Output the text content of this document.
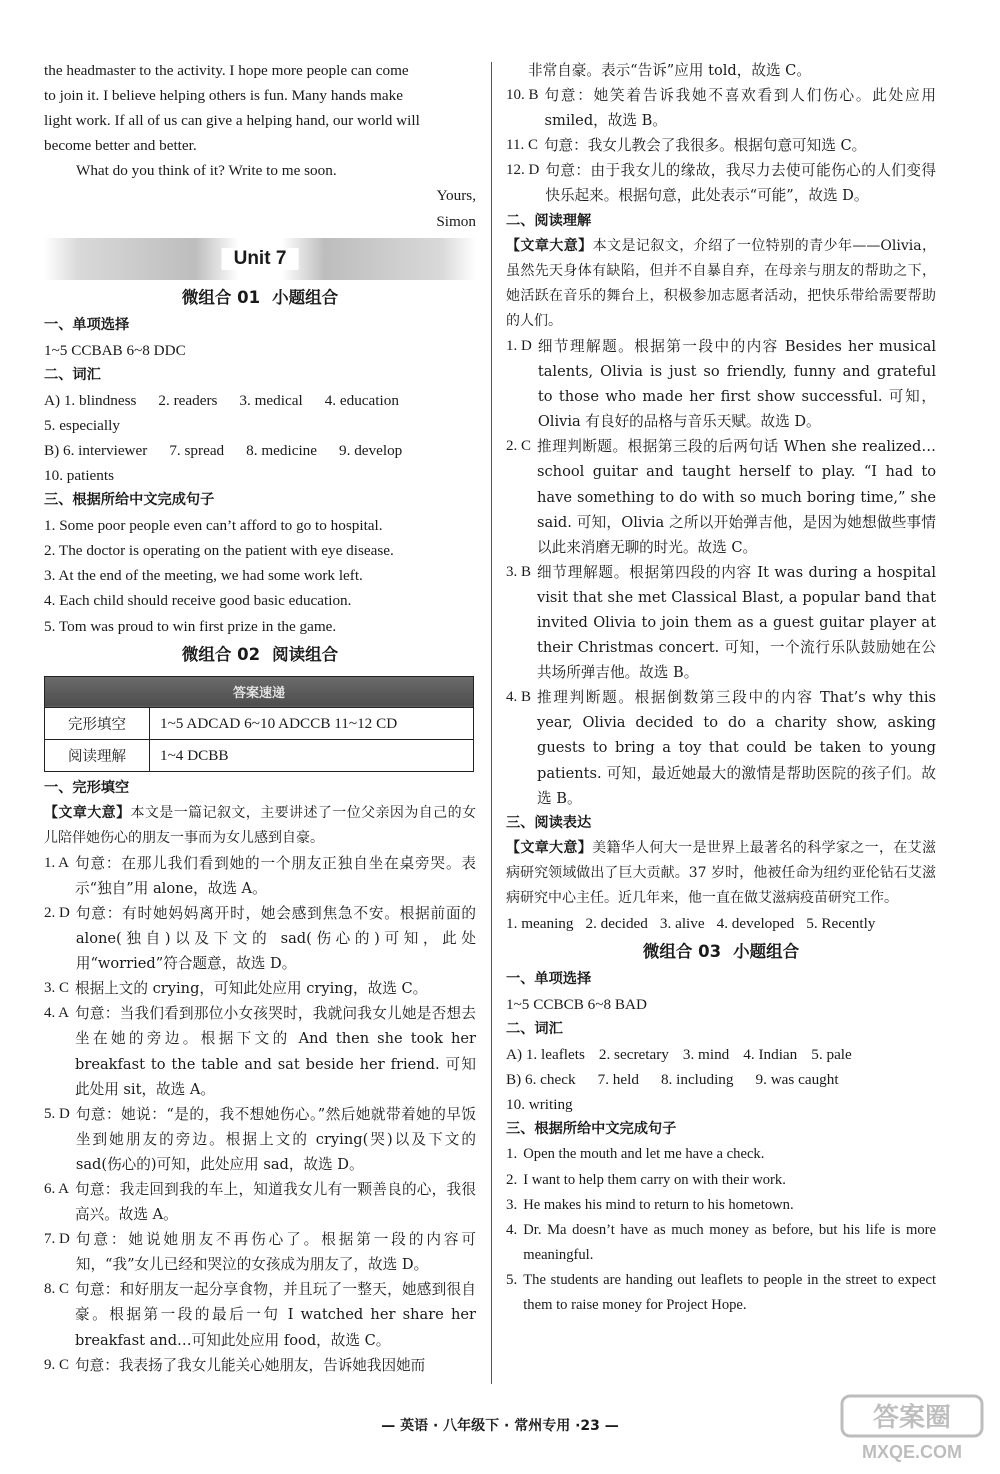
the headmaster to the activity. I hope more people can come

to join it. I believe helping others is fun. Many hands make

light work. If all of us can give a helping hand, our world will

become better and better.

What do you think of it? Write to me soon.

Yours,

Simon

Unit 7
微组合 01 小题组合

一、单项选择

1~5 CCBAB 6~8 DDC

二、词汇

A) 1. blindness 2. readers 3. medical 4. education

5. especially

B) 6. interviewer 7. spread 8. medicine 9. develop

10. patients

三、根据所给中文完成句子

1. Some poor people even can’t afford to go to hospital.

2. The doctor is operating on the patient with eye disease.

3. At the end of the meeting, we had some work left.

4. Each child should receive good basic education.

5. Tom was proud to win first prize in the game.

微组合 02 阅读组合
答案速递	
完形填空	1~5 ADCAD 6~10 ADCCB 11~12 CD
阅读理解	1~4 DCBB

一、完形填空

【文章大意】本文是一篇记叙文，主要讲述了一位父亲因为自己的女儿陪伴她伤心的朋友一事而为女儿感到自豪。

1. A 句意：在那儿我们看到她的一个朋友正独自坐在桌旁哭。表示“独自”用 alone，故选 A。
2. D 句意：有时她妈妈离开时，她会感到焦急不安。根据前面的 alone(独自)以及下文的 sad(伤心的)可知，此处用“worried”符合题意，故选 D。
3. C 根据上文的 crying，可知此处应用 crying，故选 C。
4. A 句意：当我们看到那位小女孩哭时，我就问我女儿她是否想去坐在她的旁边。根据下文的 And then she took her breakfast to the table and sat beside her friend. 可知此处用 sit，故选 A。
5. D 句意：她说：“是的，我不想她伤心。”然后她就带着她的早饭坐到她朋友的旁边。根据上文的 crying(哭)以及下文的 sad(伤心的)可知，此处应用 sad，故选 D。
6. A 句意：我走回到我的车上，知道我女儿有一颗善良的心，我很高兴。故选 A。
7. D 句意：她说她朋友不再伤心了。根据第一段的内容可知，“我”女儿已经和哭泣的女孩成为朋友了，故选 D。
8. C 句意：和好朋友一起分享食物，并且玩了一整天，她感到很自豪。根据第一段的最后一句 I watched her share her breakfast and…可知此处应用 food，故选 C。
9. C 句意：我表扬了我女儿能关心她朋友，告诉她我因她而

非常自豪。表示“告诉”应用 told，故选 C。

10. B 句意：她笑着告诉我她不喜欢看到人们伤心。此处应用 smiled，故选 B。
11. C 句意：我女儿教会了我很多。根据句意可知选 C。
12. D 句意：由于我女儿的缘故，我尽力去使可能伤心的人们变得快乐起来。根据句意，此处表示“可能”，故选 D。

二、阅读理解

【文章大意】本文是记叙文，介绍了一位特别的青少年——Olivia，虽然先天身体有缺陷，但并不自暴自弃，在母亲与朋友的帮助之下，她活跃在音乐的舞台上，积极参加志愿者活动，把快乐带给需要帮助的人们。

1. D 细节理解题。根据第一段中的内容 Besides her musical talents, Olivia is just so friendly, funny and grateful to those who made her first show successful. 可知，Olivia 有良好的品格与音乐天赋。故选 D。
2. C 推理判断题。根据第三段的后两句话 When she realized…school guitar and taught herself to play. “I had to have something to do with so much boring time,” she said. 可知，Olivia 之所以开始弹吉他，是因为她想做些事情以此来消磨无聊的时光。故选 C。
3. B 细节理解题。根据第四段的内容 It was during a hospital visit that she met Classical Blast, a popular band that invited Olivia to join them as a guest guitar player at their Christmas concert. 可知，一个流行乐队鼓励她在公共场所弹吉他。故选 B。
4. B 推理判断题。根据倒数第三段中的内容 That’s why this year, Olivia decided to do a charity show, asking guests to bring a toy that could be taken to young patients. 可知，最近她最大的激情是帮助医院的孩子们。故选 B。

三、阅读表达

【文章大意】美籍华人何大一是世界上最著名的科学家之一，在艾滋病研究领域做出了巨大贡献。37 岁时，他被任命为纽约亚伦钻石艾滋病研究中心主任。近几年来，他一直在做艾滋病疫苗研究工作。

1. meaning 2. decided 3. alive 4. developed 5. Recently
微组合 03 小题组合

一、单项选择

1~5 CCBCB 6~8 BAD

二、词汇

A) 1. leaflets 2. secretary 3. mind 4. Indian 5. pale
B) 6. check 7. held 8. including 9. was caught

10. writing

三、根据所给中文完成句子

1. Open the mouth and let me have a check.
2. I want to help them carry on with their work.
3. He makes his mind to return to his hometown.
4. Dr. Ma doesn’t have as much money as before, but his life is more meaningful.
5. The students are handing out leaflets to people in the street to expect them to raise money for Project Hope.
— 英语 · 八年级下 · 常州专用 ·23 —	答案圈
MXQE.COM
